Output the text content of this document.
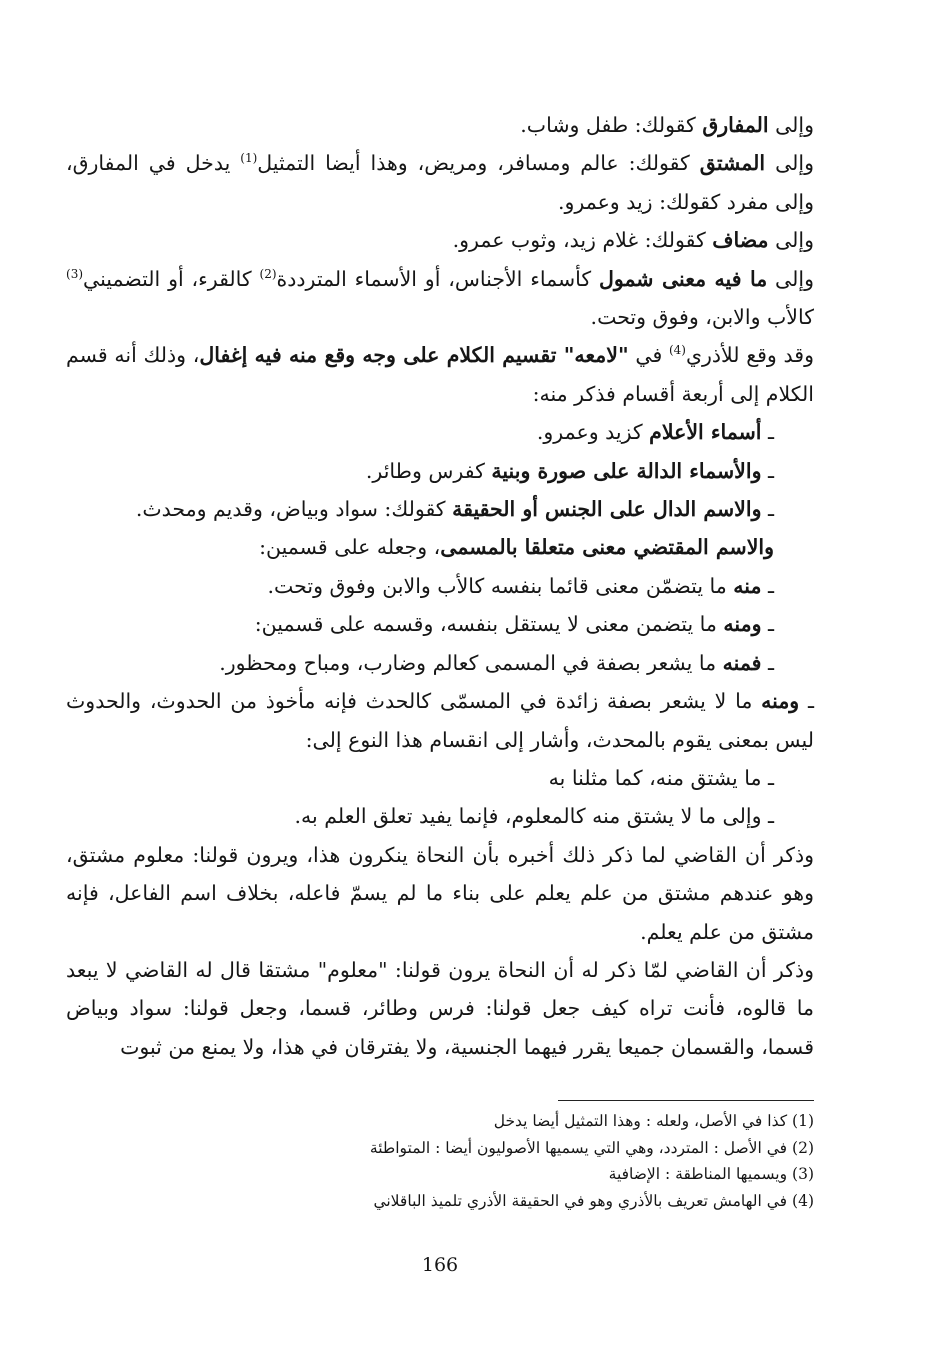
وإلى المفارق كقولك: طفل وشاب.

وإلى المشتق كقولك: عالم ومسافر، ومريض، وهذا أيضا التمثيل$^{(1)}$ يدخل في المفارق، وإلى مفرد كقولك: زيد وعمرو.

وإلى مضاف كقولك: غلام زيد، وثوب عمرو.

وإلى ما فيه معنى شمول كأسماء الأجناس، أو الأسماء المترددة$^{(2)}$ كالقرء، أو التضميني$^{(3)}$ كالأب والابن، وفوق وتحت.

وقد وقع للأذري$^{(4)}$ في "لامعه" تقسيم الكلام على وجه وقع منه فيه إغفال، وذلك أنه قسم الكلام إلى أربعة أقسام فذكر منه:

ـ أسماء الأعلام كزيد وعمرو.

ـ والأسماء الدالة على صورة وبنية كفرس وطائر.

ـ والاسم الدال على الجنس أو الحقيقة كقولك: سواد وبياض، وقديم ومحدث.

والاسم المقتضي معنى متعلقا بالمسمى، وجعله على قسمين:

ـ منه ما يتضمّن معنى قائما بنفسه كالأب والابن وفوق وتحت.

ـ ومنه ما يتضمن معنى لا يستقل بنفسه، وقسمه على قسمين:

ـ فمنه ما يشعر بصفة في المسمى كعالم وضارب، ومباح ومحظور.

ـ ومنه ما لا يشعر بصفة زائدة في المسمّى كالحدث فإنه مأخوذ من الحدوث، والحدوث ليس بمعنى يقوم بالمحدث، وأشار إلى انقسام هذا النوع إلى:

ـ ما يشتق منه، كما مثلنا به

ـ وإلى ما لا يشتق منه كالمعلوم، فإنما يفيد تعلق العلم به.

وذكر أن القاضي لما ذكر ذلك أخبره بأن النحاة ينكرون هذا، ويرون قولنا: معلوم مشتق، وهو عندهم مشتق من علم يعلم على بناء ما لم يسمّ فاعله، بخلاف اسم الفاعل، فإنه مشتق من علم يعلم.

وذكر أن القاضي لمّا ذكر له أن النحاة يرون قولنا: "معلوم" مشتقا قال له القاضي لا يبعد ما قالوه، فأنت تراه كيف جعل قولنا: فرس وطائر، قسما، وجعل قولنا: سواد وبياض قسما، والقسمان جميعا يقرر فيهما الجنسية، ولا يفترقان في هذا، ولا يمنع من ثبوت

(1) كذا في الأصل، ولعله : وهذا التمثيل أيضا يدخل

(2) في الأصل : المتردد، وهي التي يسميها الأصوليون أيضا : المتواطئة

(3) ويسميها المناطقة : الإضافية

(4) في الهامش تعريف بالأذري وهو في الحقيقة الأذري تلميذ الباقلاني

166
